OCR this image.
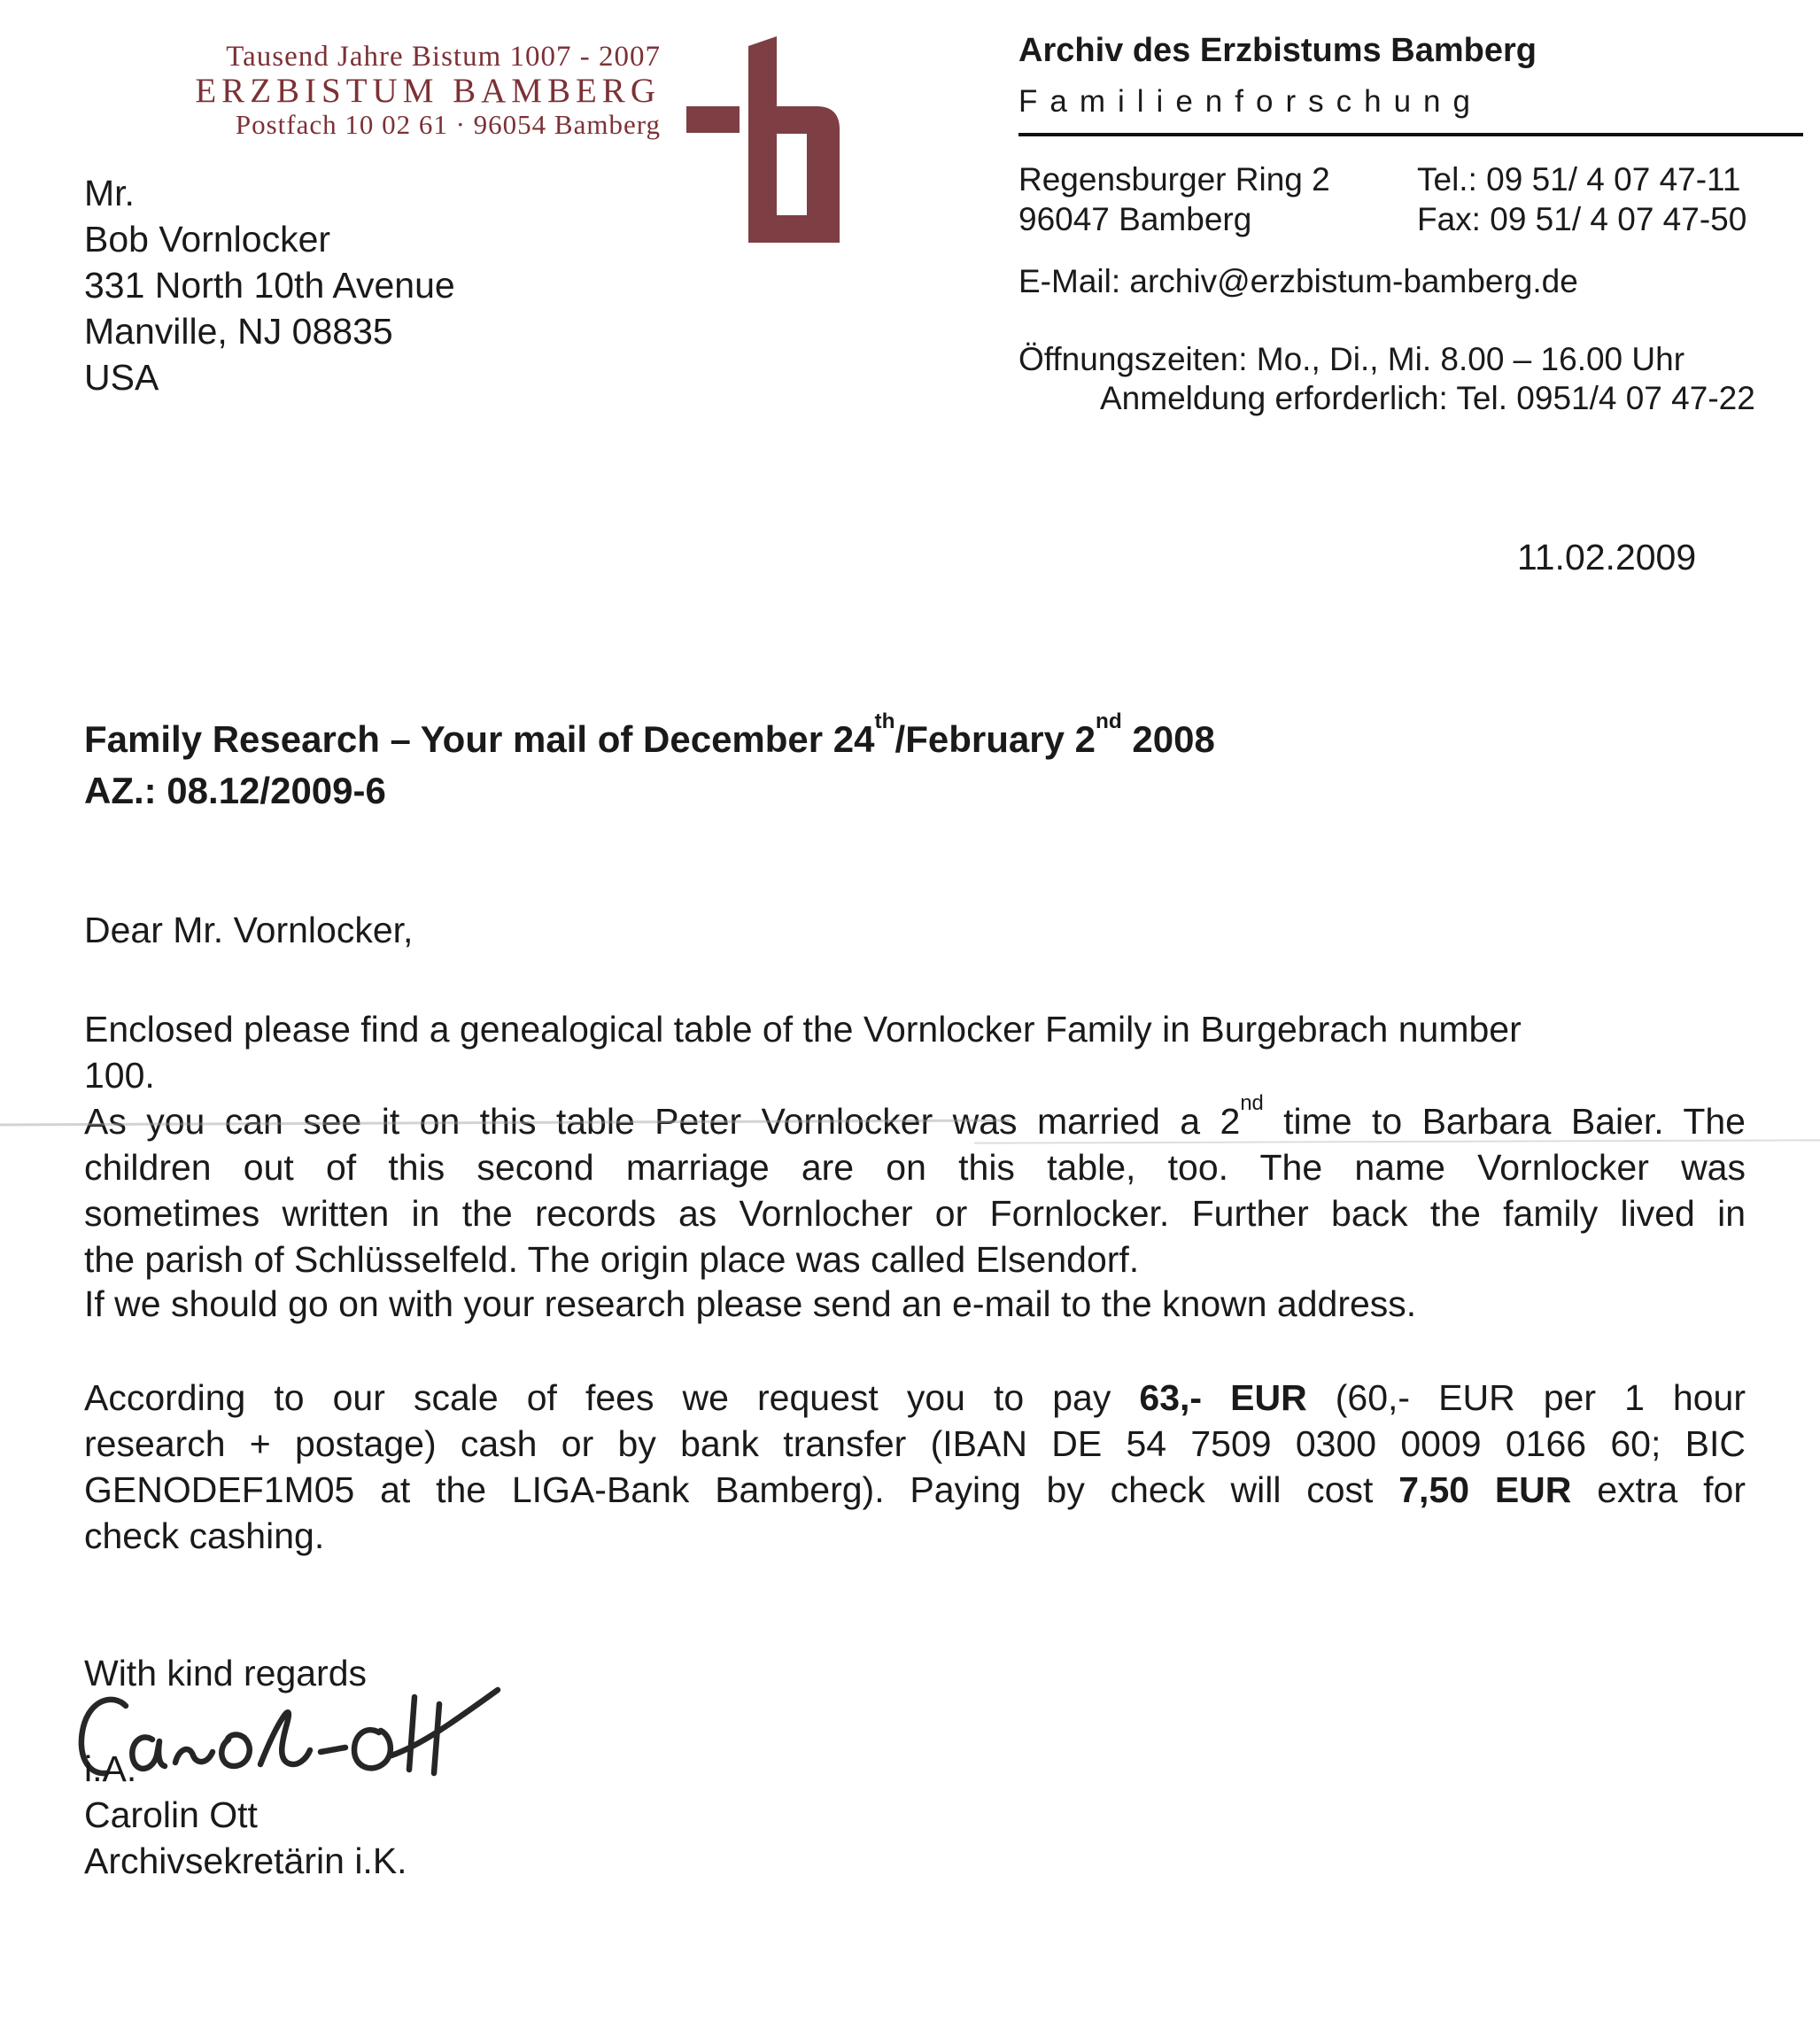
Tausend Jahre Bistum 1007 - 2007
ERZBISTUM BAMBERG
Postfach 10 02 61 · 96054 Bamberg
Mr.
Bob Vornlocker
331 North 10th Avenue
Manville, NJ 08835
USA
Archiv des Erzbistums Bamberg
Familienforschung
Regensburger Ring 2	Tel.: 09 51/ 4 07 47-11
96047 Bamberg	Fax: 09 51/ 4 07 47-50
E-Mail: archiv@erzbistum-bamberg.de
Öffnungszeiten: Mo., Di., Mi. 8.00 – 16.00 Uhr
Anmeldung erforderlich: Tel. 0951/4 07 47-22
11.02.2009
Family Research – Your mail of December 24th/February 2nd 2008
AZ.: 08.12/2009-6
Dear Mr. Vornlocker,
Enclosed please find a genealogical table of the Vornlocker Family in Burgebrach number
100.
As you can see it on this table Peter Vornlocker was married a 2nd time to Barbara Baier. The
children out of this second marriage are on this table, too. The name Vornlocker was
sometimes written in the records as Vornlocher or Fornlocker. Further back the family lived in
the parish of Schlüsselfeld. The origin place was called Elsendorf.
If we should go on with your research please send an e-mail to the known address.
According to our scale of fees we request you to pay 63,- EUR (60,- EUR per 1 hour
research + postage) cash or by bank transfer (IBAN DE 54 7509 0300 0009 0166 60; BIC
GENODEF1M05 at the LIGA-Bank Bamberg). Paying by check will cost 7,50 EUR extra for
check cashing.
With kind regards
i.A.
Carolin Ott
Archivsekretärin i.K.
